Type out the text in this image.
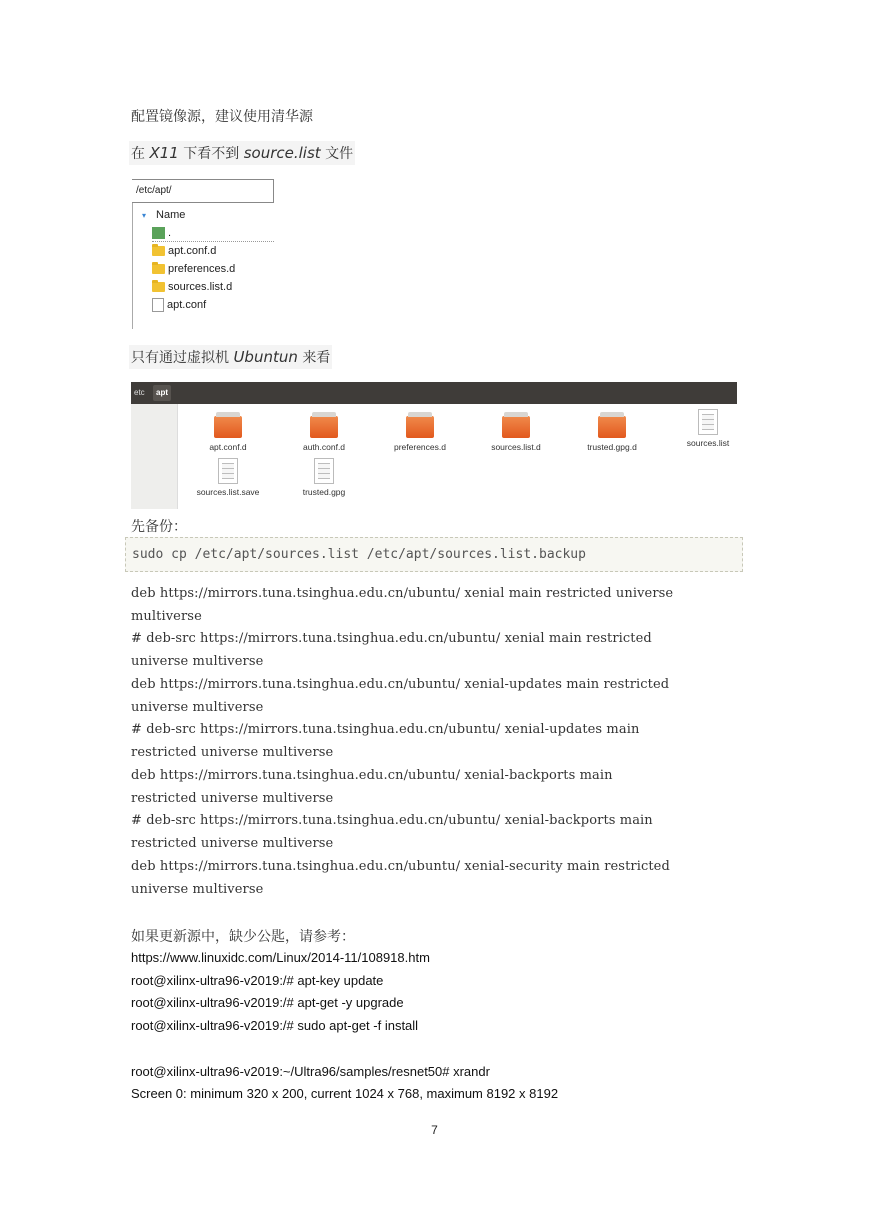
配置镜像源，建议使用清华源
在 X11 下看不到 source.list 文件
/etc/apt/
▾ Name
.
apt.conf.d
preferences.d
sources.list.d
apt.conf
只有通过虚拟机 Ubuntun 来看
etc	apt
apt.conf.d	auth.conf.d	preferences.d	sources.list.d	trusted.gpg.d	sources.list
sources.list.save	trusted.gpg
先备份：
sudo cp /etc/apt/sources.list /etc/apt/sources.list.backup
deb https://mirrors.tuna.tsinghua.edu.cn/ubuntu/ xenial main restricted universe
multiverse
# deb-src https://mirrors.tuna.tsinghua.edu.cn/ubuntu/ xenial main restricted
universe multiverse
deb https://mirrors.tuna.tsinghua.edu.cn/ubuntu/ xenial-updates main restricted
universe multiverse
# deb-src https://mirrors.tuna.tsinghua.edu.cn/ubuntu/ xenial-updates main
restricted universe multiverse
deb https://mirrors.tuna.tsinghua.edu.cn/ubuntu/ xenial-backports main
restricted universe multiverse
# deb-src https://mirrors.tuna.tsinghua.edu.cn/ubuntu/ xenial-backports main
restricted universe multiverse
deb https://mirrors.tuna.tsinghua.edu.cn/ubuntu/ xenial-security main restricted
universe multiverse
如果更新源中，缺少公匙，请参考：
https://www.linuxidc.com/Linux/2014-11/108918.htm
root@xilinx-ultra96-v2019:/# apt-key update
root@xilinx-ultra96-v2019:/# apt-get -y upgrade
root@xilinx-ultra96-v2019:/# sudo apt-get -f install
root@xilinx-ultra96-v2019:~/Ultra96/samples/resnet50# xrandr
Screen 0: minimum 320 x 200, current 1024 x 768, maximum 8192 x 8192
7
